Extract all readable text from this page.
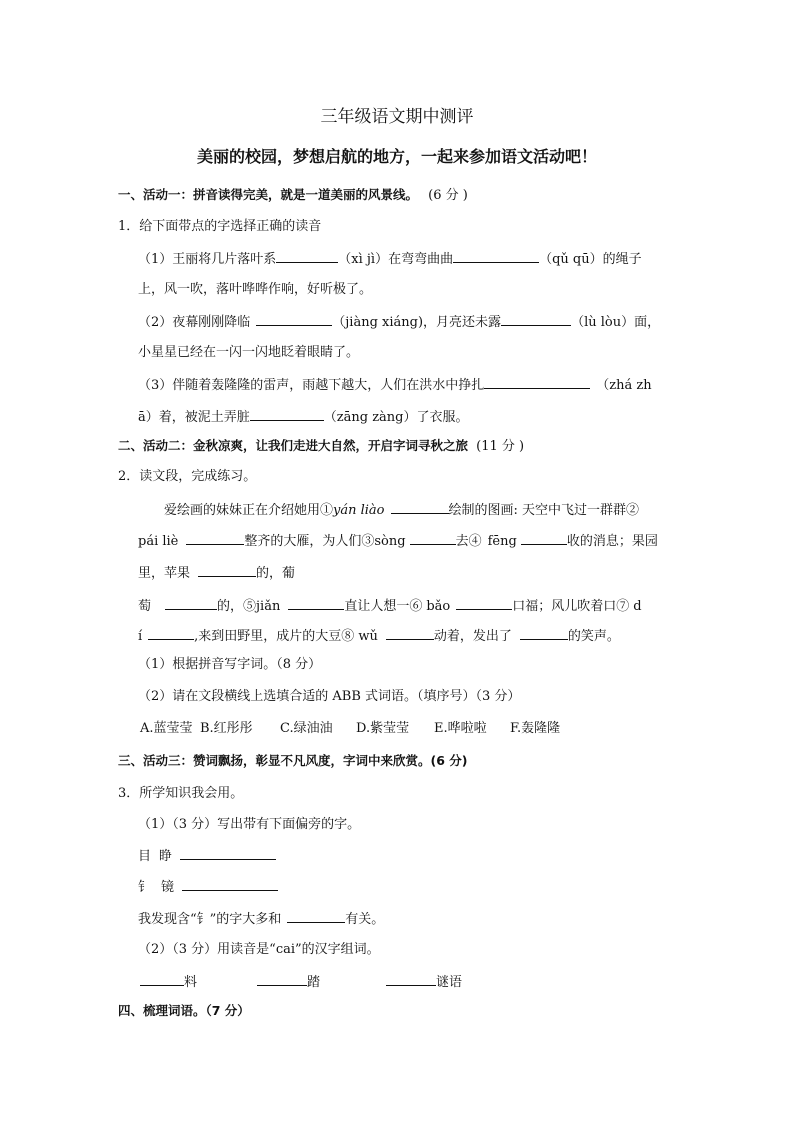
三年级语文期中测评
美丽的校园，梦想启航的地方，一起来参加语文活动吧！
一、活动一：拼音读得完美，就是一道美丽的风景线。 (6 分 )
1．给下面带点的字选择正确的读音
（1）王丽将几片落叶系	（xì jì）在弯弯曲曲	（qǔ qū）的绳子
上，风一吹，落叶哗哗作响，好听极了。
（2）夜幕刚刚降临	（jiàng xiáng)，月亮还未露	（lù lòu）面，
小星星已经在一闪一闪地眨着眼睛了。
（3）伴随着轰隆隆的雷声，雨越下越大，人们在洪水中挣扎	（zhá zh
ā）着，被泥土弄脏	（zāng zàng）了衣服。
二、活动二：金秋凉爽，让我们走进大自然，开启字词寻秋之旅 (11 分 )
2．读文段，完成练习。
爱绘画的妹妹正在介绍她用①yán liào	绘制的图画: 天空中飞过一群群②
pái liè	整齐的大雁，为人们③sòng	去④ fēng	收的消息；果园
里，苹果	的，葡
萄	的，⑤jiǎn	直让人想一⑥ bǎo	口福；风儿吹着口⑦ d
í	,来到田野里，成片的大豆⑧ wǔ	动着，发出了	的笑声。
（1）根据拼音写字词。（8 分）
（2）请在文段横线上选填合适的 ABB 式词语。（填序号）（3 分）
A.蓝莹莹 B.红彤彤 C.绿油油 D.紫莹莹 E.哗啦啦 F.轰隆隆
三、活动三：赞词飘扬，彰显不凡风度，字词中来欣赏。(6 分)
3．所学知识我会用。
（1）（3 分）写出带有下面偏旁的字。
目 睁
钅 镜
我发现含“钅”的字大多和	有关。
（2）（3 分）用读音是“cai”的汉字组词。
料	踏	谜语
四、梳理词语。（7 分）
